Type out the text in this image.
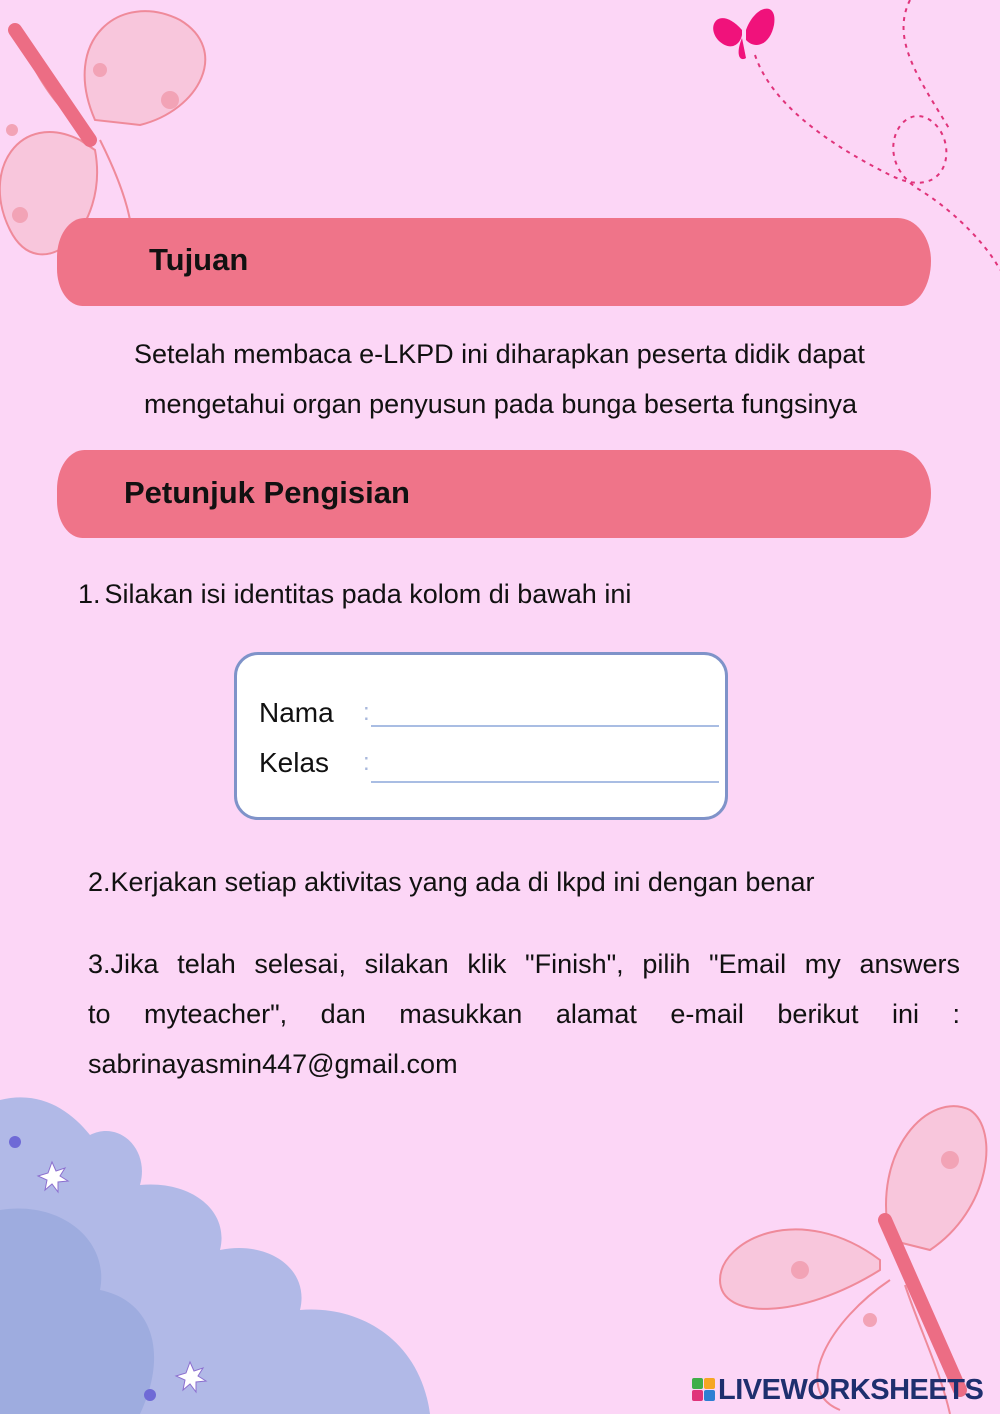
Tujuan

Setelah membaca e-LKPD ini diharapkan peserta didik dapat

mengetahui organ penyusun pada bunga beserta fungsinya

Petunjuk Pengisian

1. Silakan isi identitas pada kolom di bawah ini

Nama :
Kelas :

2.Kerjakan setiap aktivitas yang ada di lkpd ini dengan benar

3.Jika telah selesai, silakan klik "Finish", pilih "Email my answers

to myteacher", dan masukkan alamat e-mail berikut ini :

sabrinayasmin447@gmail.com

LIVEWORKSHEETS
